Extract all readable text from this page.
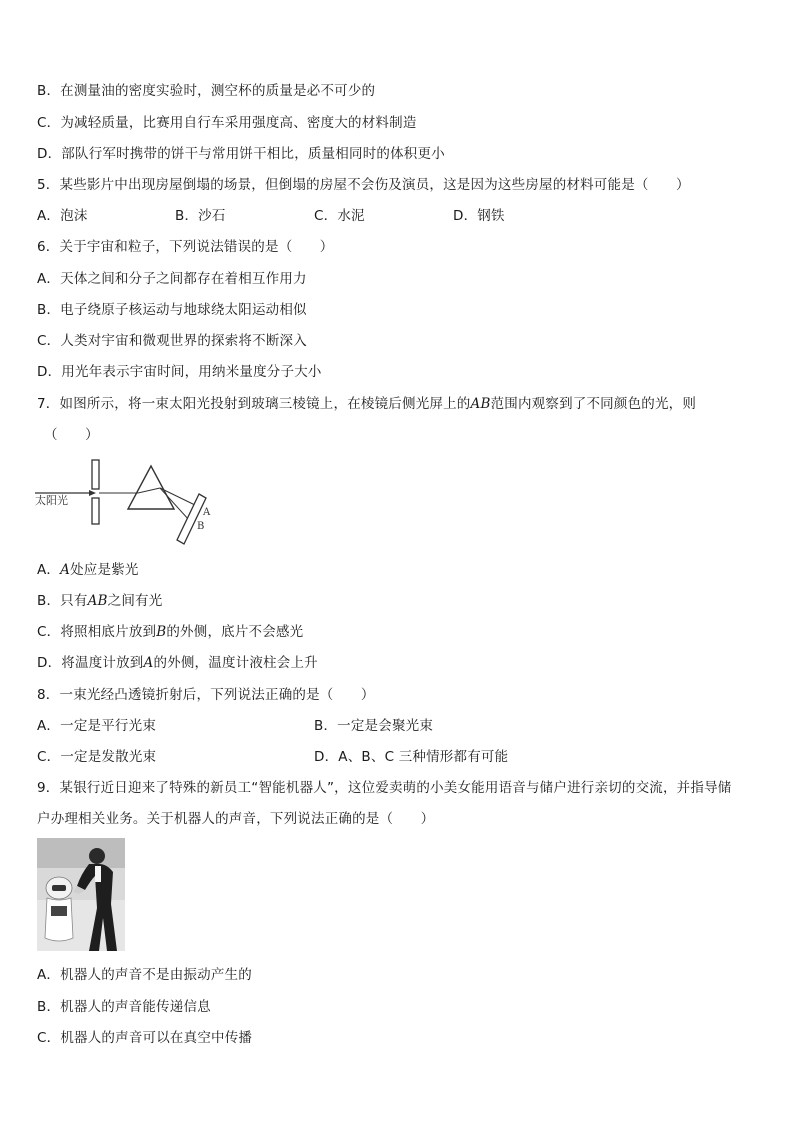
B．在测量油的密度实验时，测空杯的质量是必不可少的
C．为减轻质量，比赛用自行车采用强度高、密度大的材料制造
D．部队行军时携带的饼干与常用饼干相比，质量相同时的体积更小
5．某些影片中出现房屋倒塌的场景，但倒塌的房屋不会伤及演员，这是因为这些房屋的材料可能是（　　）
A．泡沫	B．沙石	C．水泥	D．钢铁
6．关于宇宙和粒子，下列说法错误的是（　　）
A．天体之间和分子之间都存在着相互作用力
B．电子绕原子核运动与地球绕太阳运动相似
C．人类对宇宙和微观世界的探索将不断深入
D．用光年表示宇宙时间，用纳米量度分子大小
7．如图所示，将一束太阳光投射到玻璃三棱镜上，在棱镜后侧光屏上的AB范围内观察到了不同颜色的光，则
（　　）
太阳光
A
B
A．A处应是紫光
B．只有AB之间有光
C．将照相底片放到B的外侧，底片不会感光
D．将温度计放到A的外侧，温度计液柱会上升
8．一束光经凸透镜折射后，下列说法正确的是（　　）
A．一定是平行光束	B．一定是会聚光束
C．一定是发散光束	D．A、B、C 三种情形都有可能
9．某银行近日迎来了特殊的新员工“智能机器人”，这位爱卖萌的小美女能用语音与储户进行亲切的交流，并指导储
户办理相关业务。关于机器人的声音，下列说法正确的是（　　）
A．机器人的声音不是由振动产生的
B．机器人的声音能传递信息
C．机器人的声音可以在真空中传播
